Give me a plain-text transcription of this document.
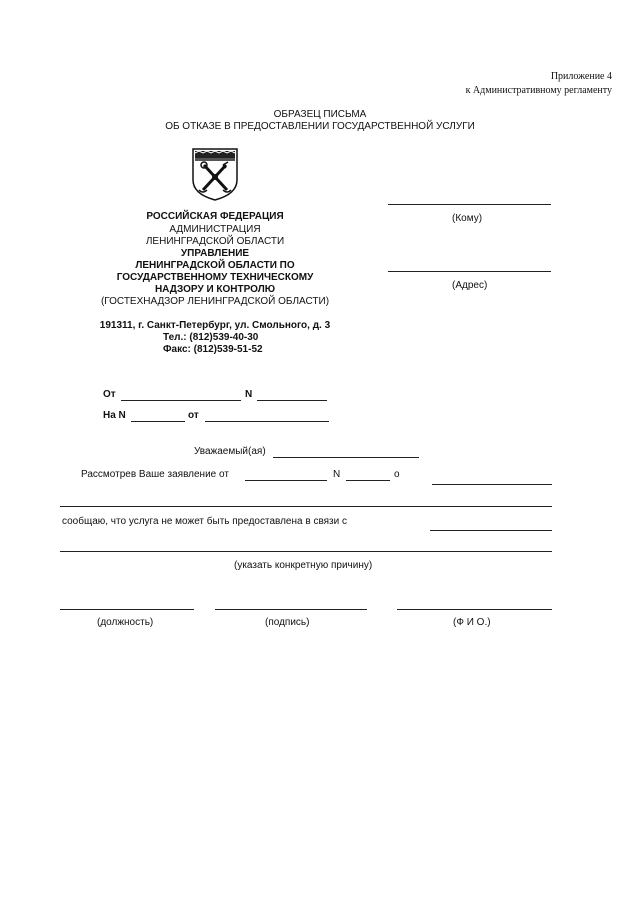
Приложение 4
к Административному регламенту
ОБРАЗЕЦ ПИСЬМА
ОБ ОТКАЗЕ В ПРЕДОСТАВЛЕНИИ ГОСУДАРСТВЕННОЙ УСЛУГИ
(Кому)
(Адрес)
РОССИЙСКАЯ ФЕДЕРАЦИЯ
АДМИНИСТРАЦИЯ
ЛЕНИНГРАДСКОЙ ОБЛАСТИ
УПРАВЛЕНИЕ
ЛЕНИНГРАДСКОЙ ОБЛАСТИ ПО
ГОСУДАРСТВЕННОМУ ТЕХНИЧЕСКОМУ
НАДЗОРУ И КОНТРОЛЮ
(ГОСТЕХНАДЗОР ЛЕНИНГРАДСКОЙ ОБЛАСТИ)
191311, г. Санкт-Петербург, ул. Смольного, д. 3
Тел.: (812)539-40-30
Факс: (812)539-51-52
От	N
На N	от
Уважаемый(ая)
Рассмотрев Ваше заявление от	N	о
сообщаю, что услуга не может быть предоставлена в связи с
(указать конкретную причину)
(должность)	(подпись)	(Ф И О.)
